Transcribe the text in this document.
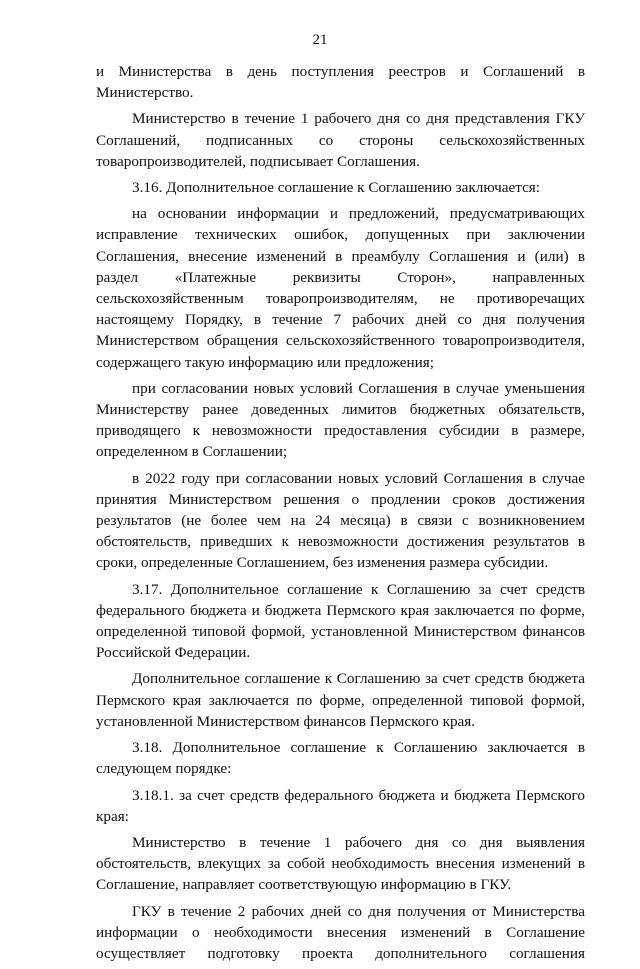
21

и Министерства в день поступления реестров и Соглашений в Министерство.

Министерство в течение 1 рабочего дня со дня представления ГКУ Соглашений, подписанных со стороны сельскохозяйственных товаропроизводителей, подписывает Соглашения.

3.16. Дополнительное соглашение к Соглашению заключается:

на основании информации и предложений, предусматривающих исправление технических ошибок, допущенных при заключении Соглашения, внесение изменений в преамбулу Соглашения и (или) в раздел «Платежные реквизиты Сторон», направленных сельскохозяйственным товаропроизводителям, не противоречащих настоящему Порядку, в течение 7 рабочих дней со дня получения Министерством обращения сельскохозяйственного товаропроизводителя, содержащего такую информацию или предложения;

при согласовании новых условий Соглашения в случае уменьшения Министерству ранее доведенных лимитов бюджетных обязательств, приводящего к невозможности предоставления субсидии в размере, определенном в Соглашении;

в 2022 году при согласовании новых условий Соглашения в случае принятия Министерством решения о продлении сроков достижения результатов (не более чем на 24 месяца) в связи с возникновением обстоятельств, приведших к невозможности достижения результатов в сроки, определенные Соглашением, без изменения размера субсидии.

3.17. Дополнительное соглашение к Соглашению за счет средств федерального бюджета и бюджета Пермского края заключается по форме, определенной типовой формой, установленной Министерством финансов Российской Федерации.

Дополнительное соглашение к Соглашению за счет средств бюджета Пермского края заключается по форме, определенной типовой формой, установленной Министерством финансов Пермского края.

3.18. Дополнительное соглашение к Соглашению заключается в следующем порядке:

3.18.1. за счет средств федерального бюджета и бюджета Пермского края:

Министерство в течение 1 рабочего дня со дня выявления обстоятельств, влекущих за собой необходимость внесения изменений в Соглашение, направляет соответствующую информацию в ГКУ.

ГКУ в течение 2 рабочих дней со дня получения от Министерства информации о необходимости внесения изменений в Соглашение осуществляет подготовку проекта дополнительного соглашения
